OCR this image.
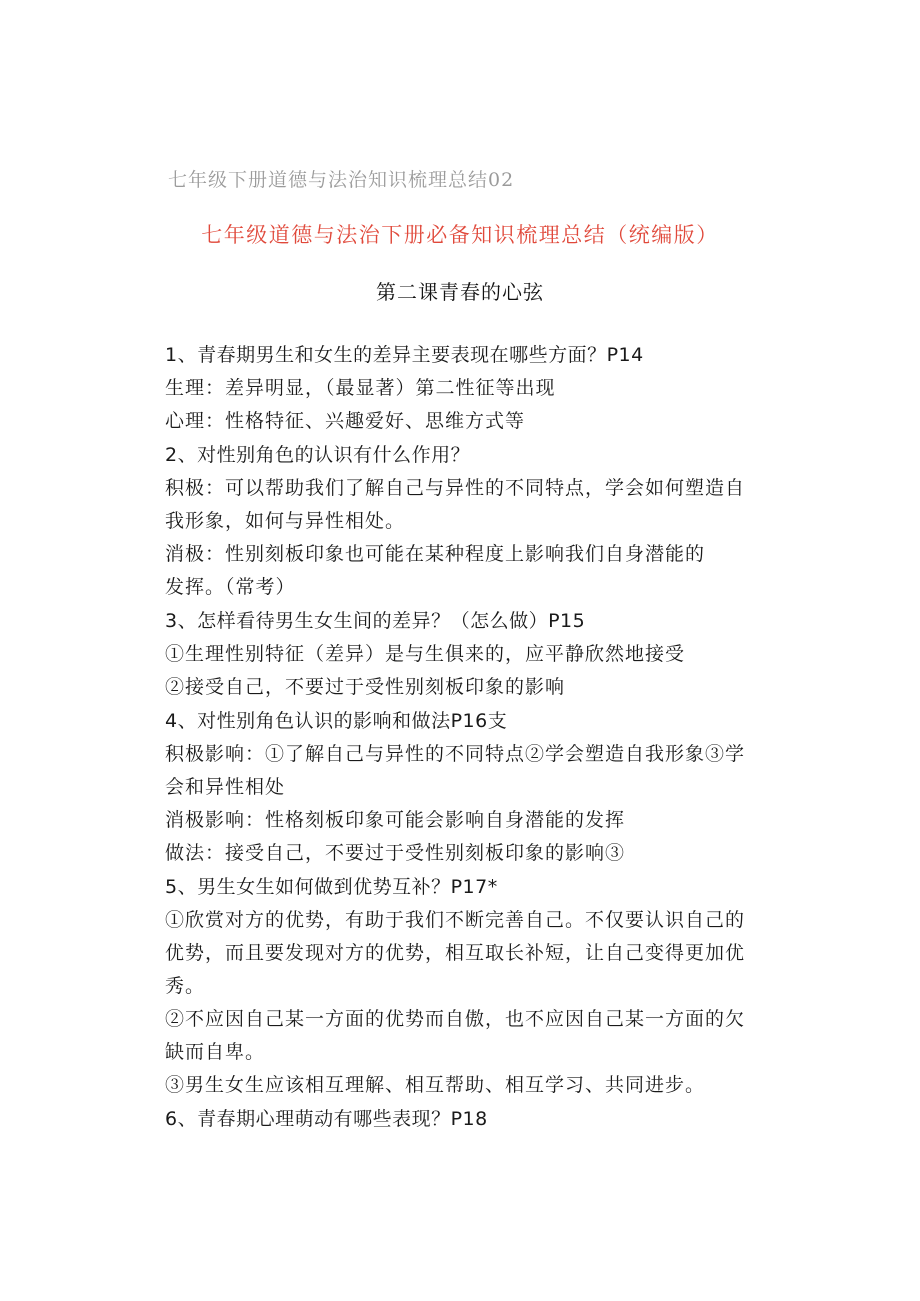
七年级下册道德与法治知识梳理总结02
七年级道德与法治下册必备知识梳理总结（统编版）
第二课青春的心弦
1、青春期男生和女生的差异主要表现在哪些方面？P14
生理：差异明显，（最显著）第二性征等出现
心理：性格特征、兴趣爱好、思维方式等
2、对性别角色的认识有什么作用？
积极：可以帮助我们了解自己与异性的不同特点，学会如何塑造自
我形象，如何与异性相处。
消极：性别刻板印象也可能在某种程度上影响我们自身潜能的
发挥。（常考）
3、怎样看待男生女生间的差异？（怎么做）P15
①生理性别特征（差异）是与生俱来的，应平静欣然地接受
②接受自己，不要过于受性别刻板印象的影响
4、对性别角色认识的影响和做法P16支
积极影响：①了解自己与异性的不同特点②学会塑造自我形象③学
会和异性相处
消极影响：性格刻板印象可能会影响自身潜能的发挥
做法：接受自己，不要过于受性别刻板印象的影响③
5、男生女生如何做到优势互补？P17*
①欣赏对方的优势，有助于我们不断完善自己。不仅要认识自己的
优势，而且要发现对方的优势，相互取长补短，让自己变得更加优
秀。
②不应因自己某一方面的优势而自傲，也不应因自己某一方面的欠
缺而自卑。
③男生女生应该相互理解、相互帮助、相互学习、共同进步。
6、青春期心理萌动有哪些表现？P18
